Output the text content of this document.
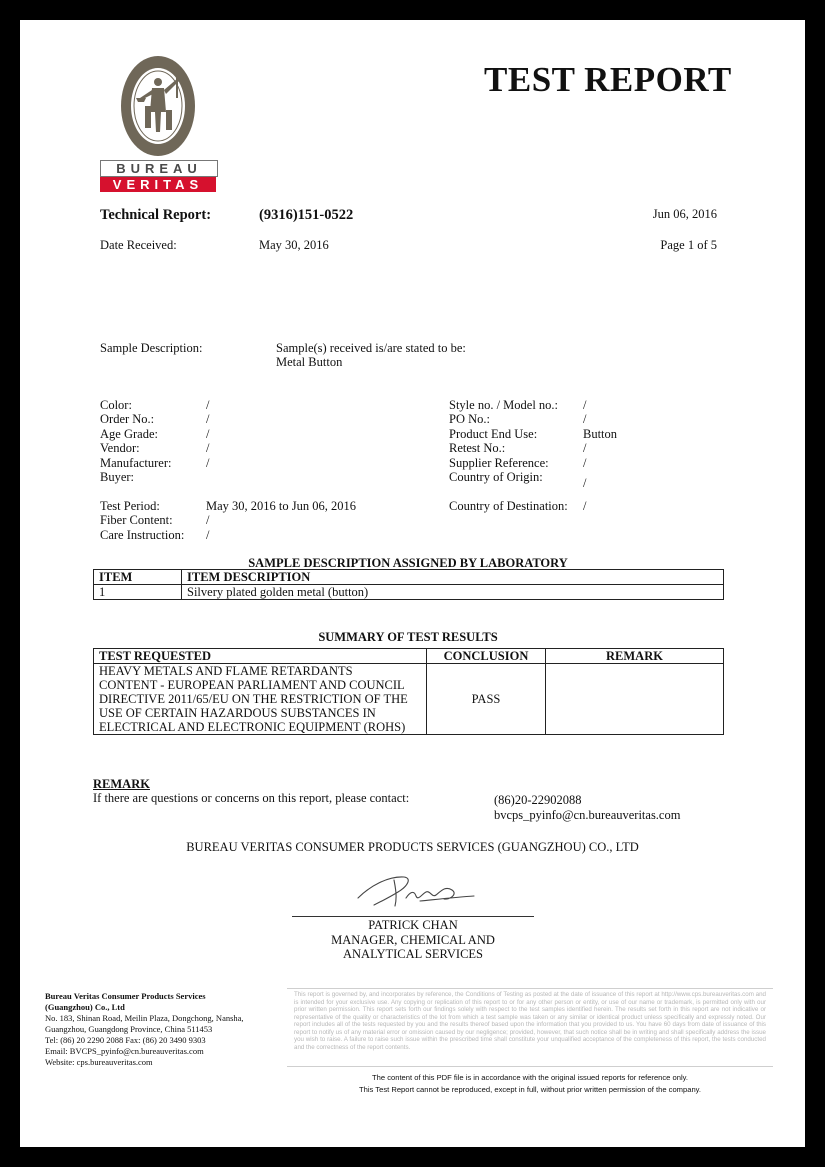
BUREAU
VERITAS
TEST REPORT
Technical Report:	(9316)151-0522	Jun 06, 2016
Date Received:	May 30, 2016	Page 1 of 5
Sample Description:	Sample(s) received is/are stated to be:
Metal Button
Color:	/
Order No.:	/
Age Grade:	/
Vendor:	/
Manufacturer:	/
Buyer:
Style no. / Model no.: /
PO No.:	/
Product End Use:	Button
Retest No.:	/
Supplier Reference:	/
Country of Origin:	/
Test Period:	May 30, 2016 to Jun 06, 2016	Country of Destination: /
Fiber Content:	/
Care Instruction: /
SAMPLE DESCRIPTION ASSIGNED BY LABORATORY
ITEM	ITEM DESCRIPTION
1	Silvery plated golden metal (button)
SUMMARY OF TEST RESULTS
TEST REQUESTED	CONCLUSION	REMARK

HEAVY METALS AND FLAME RETARDANTS
CONTENT - EUROPEAN PARLIAMENT AND COUNCIL
DIRECTIVE 2011/65/EU ON THE RESTRICTION OF THE
USE OF CERTAIN HAZARDOUS SUBSTANCES IN
ELECTRICAL AND ELECTRONIC EQUIPMENT (ROHS)	PASS	
REMARK
If there are questions or concerns on this report, please contact:	(86)20-22902088
bvcps_pyinfo@cn.bureauveritas.com
BUREAU VERITAS CONSUMER PRODUCTS SERVICES (GUANGZHOU) CO., LTD
PATRICK CHAN
MANAGER, CHEMICAL AND
ANALYTICAL SERVICES
Bureau Veritas Consumer Products Services
(Guangzhou) Co., Ltd
No. 183, Shinan Road, Meilin Plaza, Dongchong, Nansha,
Guangzhou, Guangdong Province, China 511453
Tel: (86) 20 2290 2088 Fax: (86) 20 3490 9303
Email: BVCPS_pyinfo@cn.bureauveritas.com
Website: cps.bureauveritas.com
This report is governed by, and incorporates by reference, the Conditions of Testing as posted at the date of issuance of this report at http://www.cps.bureauveritas.com and is intended for your exclusive use. Any copying or replication of this report to or for any other person or entity, or use of our name or trademark, is permitted only with our prior written permission. This report sets forth our findings solely with respect to the test samples identified herein. The results set forth in this report are not indicative or representative of the quality or characteristics of the lot from which a test sample was taken or any similar or identical product unless specifically and expressly noted. Our report includes all of the tests requested by you and the results thereof based upon the information that you provided to us. You have 60 days from date of issuance of this report to notify us of any material error or omission caused by our negligence; provided, however, that such notice shall be in writing and shall specifically address the issue you wish to raise. A failure to raise such issue within the prescribed time shall constitute your unqualified acceptance of the completeness of this report, the tests conducted and the correctness of the report contents.
The content of this PDF file is in accordance with the original issued reports for reference only.
This Test Report cannot be reproduced, except in full, without prior written permission of the company.
